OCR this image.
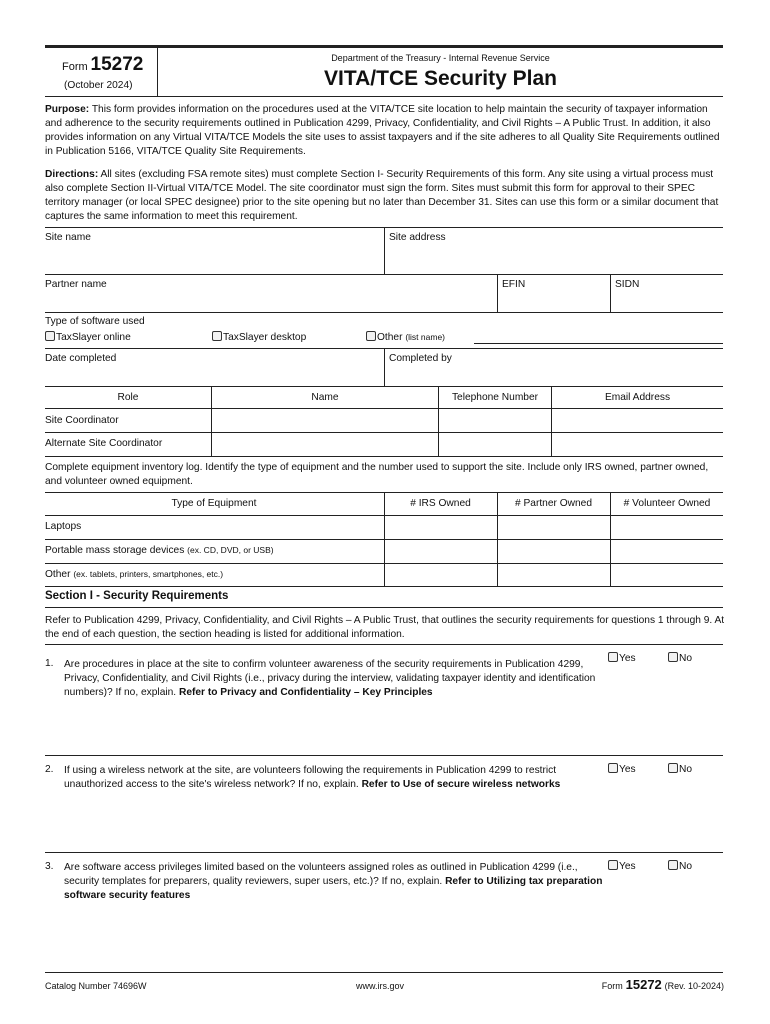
Form 15272
(October 2024)
Department of the Treasury - Internal Revenue Service
VITA/TCE Security Plan
Purpose: This form provides information on the procedures used at the VITA/TCE site location to help maintain the security of taxpayer information and adherence to the security requirements outlined in Publication 4299, Privacy, Confidentiality, and Civil Rights – A Public Trust. In addition, it also provides information on any Virtual VITA/TCE Models the site uses to assist taxpayers and if the site adheres to all Quality Site Requirements outlined in Publication 5166, VITA/TCE Quality Site Requirements.
Directions: All sites (excluding FSA remote sites) must complete Section I- Security Requirements of this form. Any site using a virtual process must also complete Section II-Virtual VITA/TCE Model. The site coordinator must sign the form. Sites must submit this form for approval to their SPEC territory manager (or local SPEC designee) prior to the site opening but no later than December 31. Sites can use this form or a similar document that captures the same information to meet this requirement.
Site name	Site address
Partner name	EFIN	SIDN
Type of software used
TaxSlayer online	TaxSlayer desktop	Other (list name)
Date completed	Completed by
Role	Name	Telephone Number	Email Address
Site Coordinator
Alternate Site Coordinator
Complete equipment inventory log. Identify the type of equipment and the number used to support the site. Include only IRS owned, partner owned, and volunteer owned equipment.
Type of Equipment	# IRS Owned	# Partner Owned	# Volunteer Owned
Laptops
Portable mass storage devices (ex. CD, DVD, or USB)
Other (ex. tablets, printers, smartphones, etc.)
Section I - Security Requirements
Refer to Publication 4299, Privacy, Confidentiality, and Civil Rights – A Public Trust, that outlines the security requirements for questions 1 through 9. At the end of each question, the section heading is listed for additional information.
1. Are procedures in place at the site to confirm volunteer awareness of the security requirements in Publication 4299, Privacy, Confidentiality, and Civil Rights (i.e., privacy during the interview, validating taxpayer identity and identification numbers)? If no, explain. Refer to Privacy and Confidentiality – Key Principles
Yes	No
2. If using a wireless network at the site, are volunteers following the requirements in Publication 4299 to restrict unauthorized access to the site's wireless network? If no, explain. Refer to Use of secure wireless networks
Yes	No
3. Are software access privileges limited based on the volunteers assigned roles as outlined in Publication 4299 (i.e., security templates for preparers, quality reviewers, super users, etc.)? If no, explain. Refer to Utilizing tax preparation software security features
Yes	No
Catalog Number 74696W	www.irs.gov	Form 15272 (Rev. 10-2024)
